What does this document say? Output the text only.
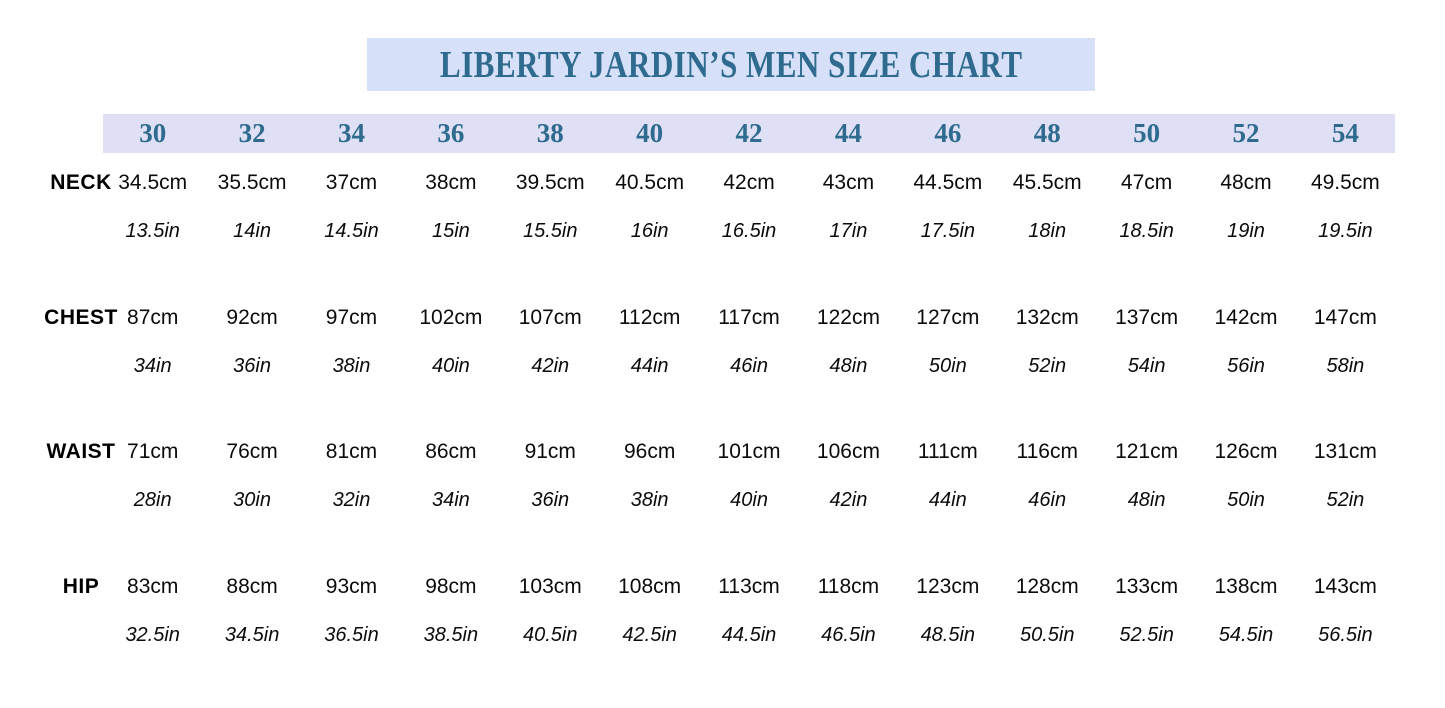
LIBERTY JARDIN’S MEN SIZE CHART
30	32	34	36	38	40	42	44	46	48	50	52	54
NECK 34.5cm	35.5cm	37cm	38cm	39.5cm	40.5cm	42cm	43cm	44.5cm	45.5cm	47cm	48cm	49.5cm
13.5in	14in	14.5in	15in	15.5in	16in	16.5in	17in	17.5in	18in	18.5in	19in	19.5in
CHEST 87cm	92cm	97cm	102cm	107cm	112cm	117cm	122cm	127cm	132cm	137cm	142cm	147cm
34in	36in	38in	40in	42in	44in	46in	48in	50in	52in	54in	56in	58in
WAIST 71cm	76cm	81cm	86cm	91cm	96cm	101cm	106cm	111cm	116cm	121cm	126cm	131cm
28in	30in	32in	34in	36in	38in	40in	42in	44in	46in	48in	50in	52in
HIP	83cm	88cm	93cm	98cm	103cm	108cm	113cm	118cm	123cm	128cm	133cm	138cm	143cm
32.5in	34.5in	36.5in	38.5in	40.5in	42.5in	44.5in	46.5in	48.5in	50.5in	52.5in	54.5in	56.5in
